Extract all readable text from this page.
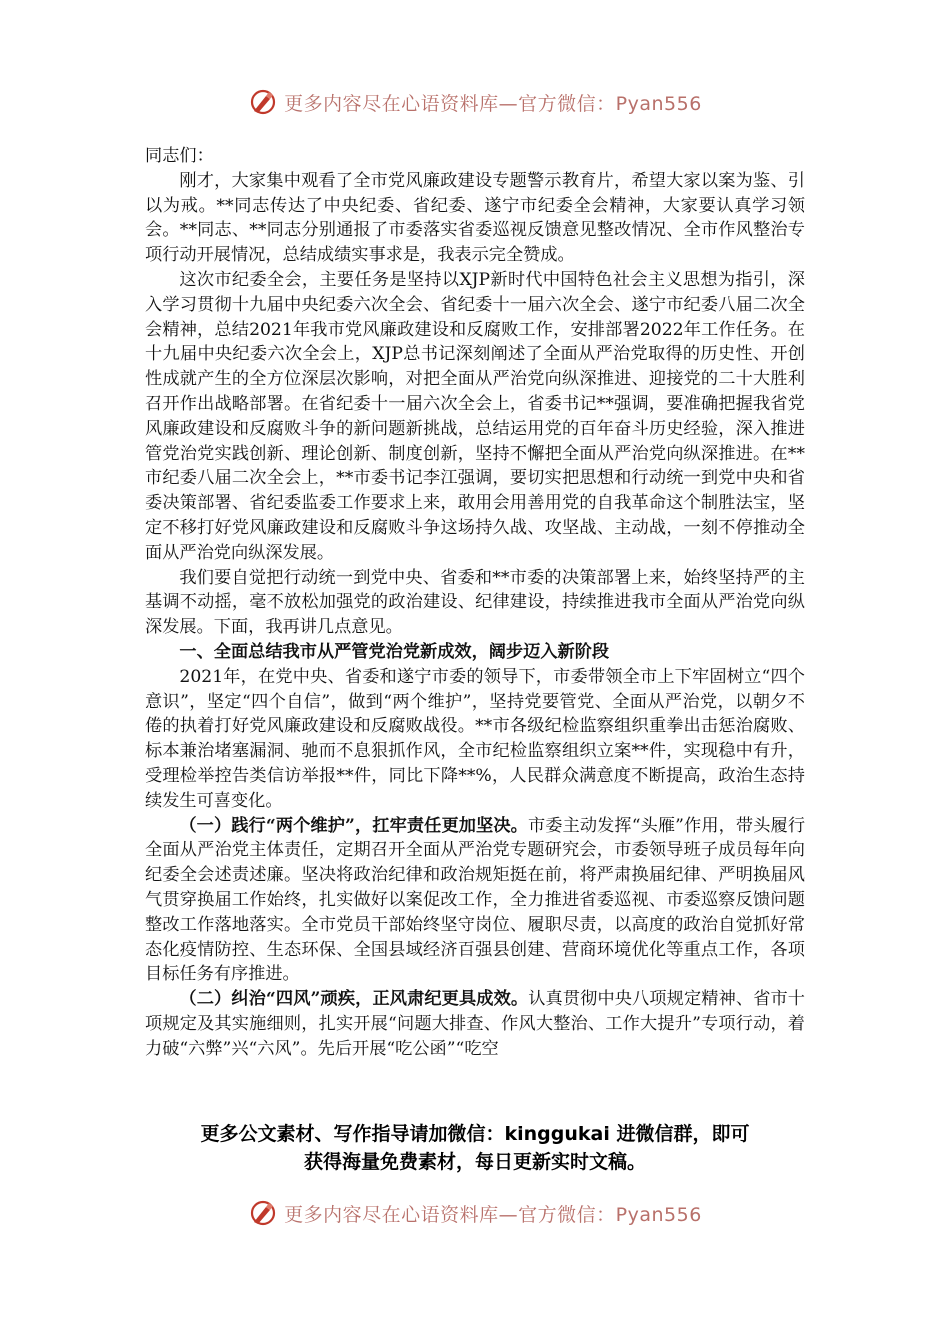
更多内容尽在心语资料库—官方微信：Pyan556

同志们：

刚才，大家集中观看了全市党风廉政建设专题警示教育片，希望大家以案为鉴、引以为戒。**同志传达了中央纪委、省纪委、遂宁市纪委全会精神，大家要认真学习领会。**同志、**同志分别通报了市委落实省委巡视反馈意见整改情况、全市作风整治专项行动开展情况，总结成绩实事求是，我表示完全赞成。

这次市纪委全会，主要任务是坚持以XJP新时代中国特色社会主义思想为指引，深入学习贯彻十九届中央纪委六次全会、省纪委十一届六次全会、遂宁市纪委八届二次全会精神，总结2021年我市党风廉政建设和反腐败工作，安排部署2022年工作任务。在十九届中央纪委六次全会上，XJP总书记深刻阐述了全面从严治党取得的历史性、开创性成就产生的全方位深层次影响，对把全面从严治党向纵深推进、迎接党的二十大胜利召开作出战略部署。在省纪委十一届六次全会上，省委书记**强调，要准确把握我省党风廉政建设和反腐败斗争的新问题新挑战，总结运用党的百年奋斗历史经验，深入推进管党治党实践创新、理论创新、制度创新，坚持不懈把全面从严治党向纵深推进。在**市纪委八届二次全会上，**市委书记李江强调，要切实把思想和行动统一到党中央和省委决策部署、省纪委监委工作要求上来，敢用会用善用党的自我革命这个制胜法宝，坚定不移打好党风廉政建设和反腐败斗争这场持久战、攻坚战、主动战，一刻不停推动全面从严治党向纵深发展。

我们要自觉把行动统一到党中央、省委和**市委的决策部署上来，始终坚持严的主基调不动摇，毫不放松加强党的政治建设、纪律建设，持续推进我市全面从严治党向纵深发展。下面，我再讲几点意见。

一、全面总结我市从严管党治党新成效，阔步迈入新阶段

2021年，在党中央、省委和遂宁市委的领导下，市委带领全市上下牢固树立“四个意识”，坚定“四个自信”，做到“两个维护”，坚持党要管党、全面从严治党，以朝夕不倦的执着打好党风廉政建设和反腐败战役。**市各级纪检监察组织重拳出击惩治腐败、标本兼治堵塞漏洞、驰而不息狠抓作风，全市纪检监察组织立案**件，实现稳中有升，受理检举控告类信访举报**件，同比下降**%，人民群众满意度不断提高，政治生态持续发生可喜变化。

（一）践行“两个维护”，扛牢责任更加坚决。市委主动发挥“头雁”作用，带头履行全面从严治党主体责任，定期召开全面从严治党专题研究会，市委领导班子成员每年向纪委全会述责述廉。坚决将政治纪律和政治规矩挺在前，将严肃换届纪律、严明换届风气贯穿换届工作始终，扎实做好以案促改工作，全力推进省委巡视、市委巡察反馈问题整改工作落地落实。全市党员干部始终坚守岗位、履职尽责，以高度的政治自觉抓好常态化疫情防控、生态环保、全国县域经济百强县创建、营商环境优化等重点工作，各项目标任务有序推进。

（二）纠治“四风”顽疾，正风肃纪更具成效。认真贯彻中央八项规定精神、省市十项规定及其实施细则，扎实开展“问题大排查、作风大整治、工作大提升”专项行动，着力破“六弊”兴“六风”。先后开展“吃公函”“吃空

更多公文素材、写作指导请加微信：kinggukai 进微信群，即可
获得海量免费素材，每日更新实时文稿。
更多内容尽在心语资料库—官方微信：Pyan556
